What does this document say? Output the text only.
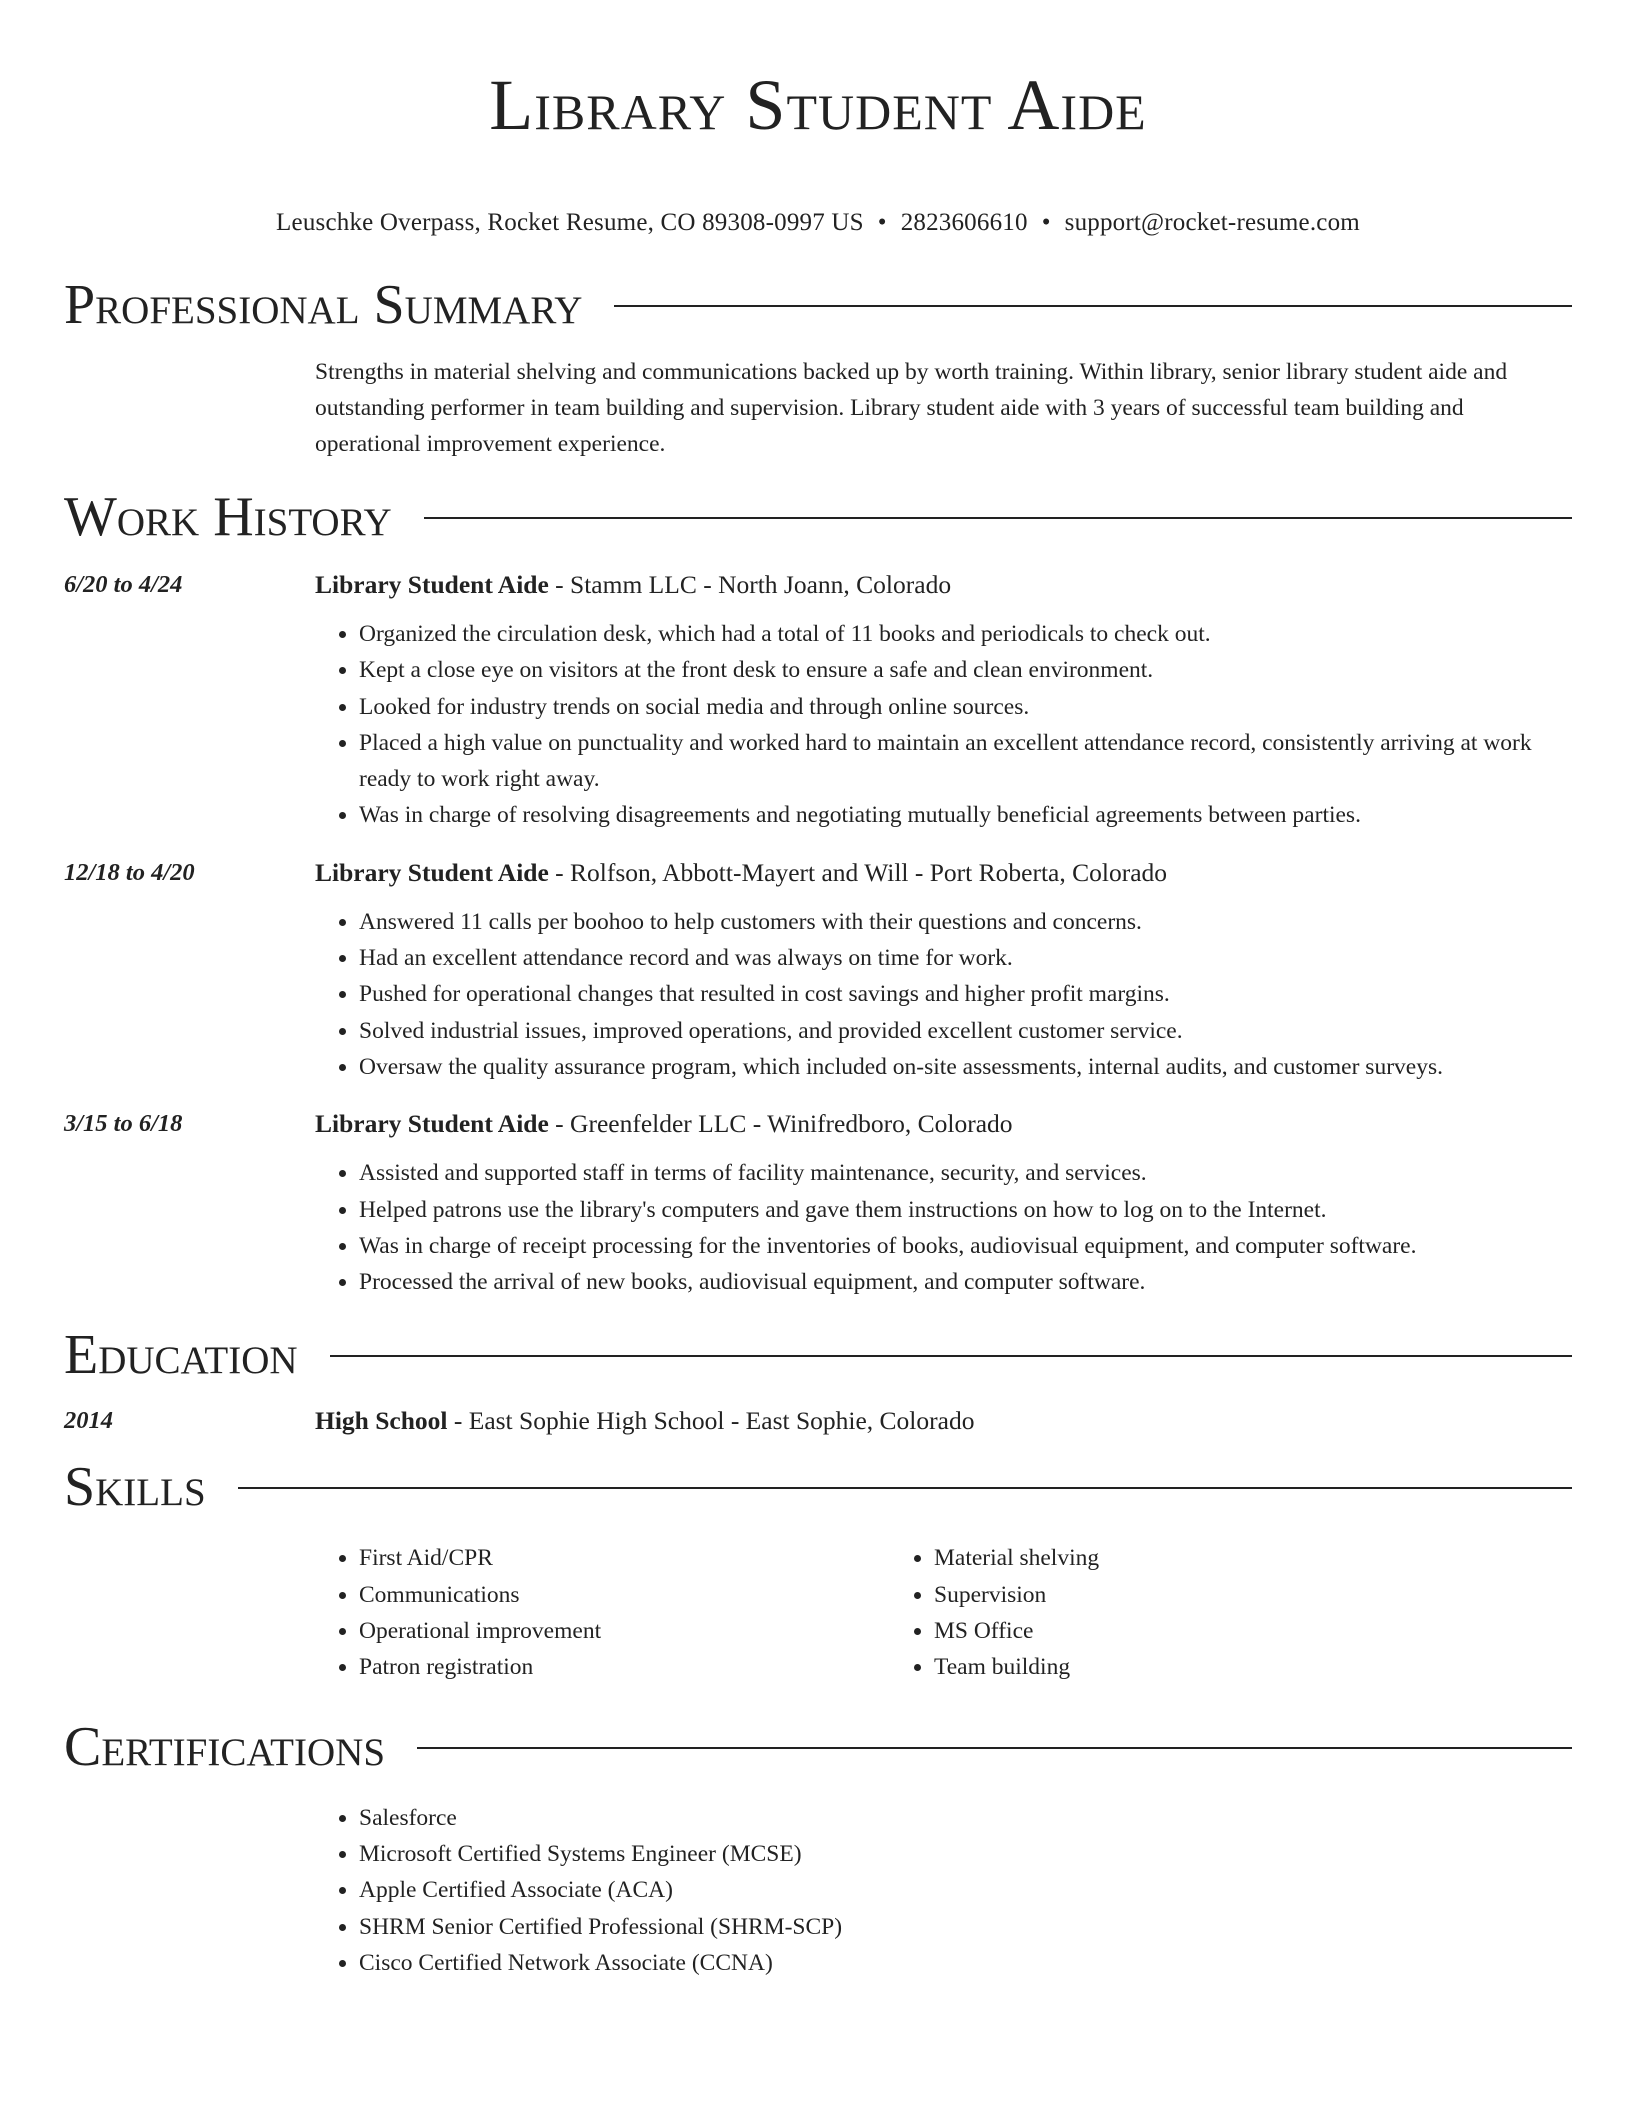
Library Student Aide
Leuschke Overpass, Rocket Resume, CO 89308-0997 US • 2823606610 • support@rocket-resume.com
Professional Summary
Strengths in material shelving and communications backed up by worth training. Within library, senior library student aide and outstanding performer in team building and supervision. Library student aide with 3 years of successful team building and operational improvement experience.
Work History
6/20 to 4/24	Library Student Aide - Stamm LLC - North Joann, Colorado
• Organized the circulation desk, which had a total of 11 books and periodicals to check out.
• Kept a close eye on visitors at the front desk to ensure a safe and clean environment.
• Looked for industry trends on social media and through online sources.
• Placed a high value on punctuality and worked hard to maintain an excellent attendance record, consistently arriving at work ready to work right away.
• Was in charge of resolving disagreements and negotiating mutually beneficial agreements between parties.
12/18 to 4/20	Library Student Aide - Rolfson, Abbott-Mayert and Will - Port Roberta, Colorado
• Answered 11 calls per boohoo to help customers with their questions and concerns.
• Had an excellent attendance record and was always on time for work.
• Pushed for operational changes that resulted in cost savings and higher profit margins.
• Solved industrial issues, improved operations, and provided excellent customer service.
• Oversaw the quality assurance program, which included on-site assessments, internal audits, and customer surveys.
3/15 to 6/18	Library Student Aide - Greenfelder LLC - Winifredboro, Colorado
• Assisted and supported staff in terms of facility maintenance, security, and services.
• Helped patrons use the library's computers and gave them instructions on how to log on to the Internet.
• Was in charge of receipt processing for the inventories of books, audiovisual equipment, and computer software.
• Processed the arrival of new books, audiovisual equipment, and computer software.
Education
2014	High School - East Sophie High School - East Sophie, Colorado
Skills
• First Aid/CPR
• Communications
• Operational improvement
• Patron registration
• Material shelving
• Supervision
• MS Office
• Team building
Certifications
• Salesforce
• Microsoft Certified Systems Engineer (MCSE)
• Apple Certified Associate (ACA)
• SHRM Senior Certified Professional (SHRM-SCP)
• Cisco Certified Network Associate (CCNA)
